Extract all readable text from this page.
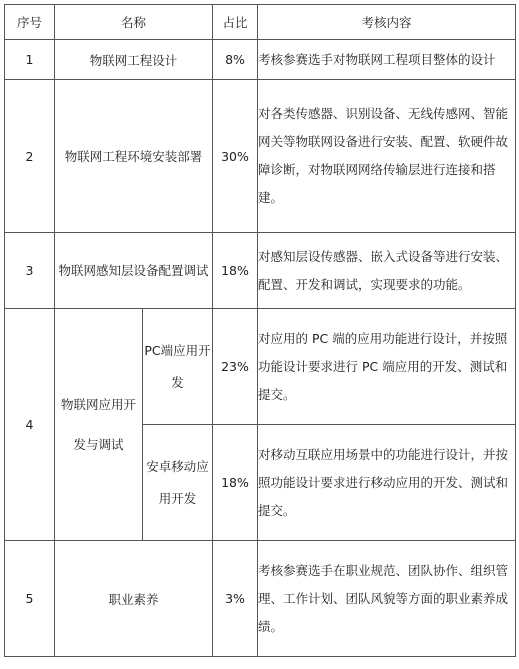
序号	名称		占比	考核内容
1	物联网工程设计		8%	考核参赛选手对物联网工程项目整体的设计
2	物联网工程环境安装部署		30%	对各类传感器、识别设备、无线传感网、智能网关等物联网设备进行安装、配置、软硬件故障诊断，对物联网网络传输层进行连接和搭建。
3	物联网感知层设备配置调试		18%	对感知层设传感器、嵌入式设备等进行安装、配置、开发和调试，实现要求的功能。
4	物联网应用开发与调试	PC端应用开发	23%	对应用的 PC 端的应用功能进行设计，并按照功能设计要求进行 PC 端应用的开发、测试和提交。
		安卓移动应用开发	18%	对移动互联应用场景中的功能进行设计，并按照功能设计要求进行移动应用的开发、测试和提交。
5	职业素养		3%	考核参赛选手在职业规范、团队协作、组织管理、工作计划、团队风貌等方面的职业素养成绩。
